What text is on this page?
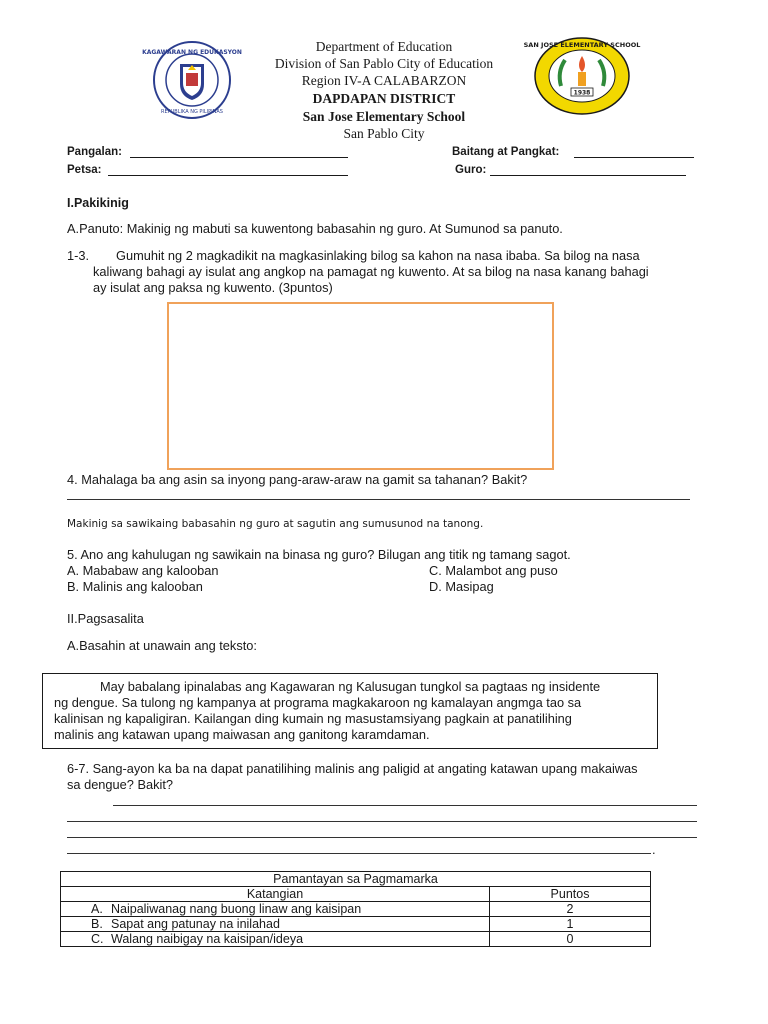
KAGAWARAN NG EDUKASYON
REPUBLIKA NG PILIPINAS
1938
SAN JOSE ELEMENTARY SCHOOL
Department of Education
Division of San Pablo City of Education
Region IV-A CALABARZON
DAPDAPAN DISTRICT
San Jose Elementary School
San Pablo City
Pangalan:	Baitang at Pangkat:
Petsa:	Guro:
I.Pakikinig
A.Panuto: Makinig ng mabuti sa kuwentong babasahin ng guro. At Sumunod sa panuto.
1-3. Gumuhit ng 2 magkadikit na magkasinlaking bilog sa kahon na nasa ibaba. Sa bilog na nasa
kaliwang bahagi ay isulat ang angkop na pamagat ng kuwento. At sa bilog na nasa kanang bahagi
ay isulat ang paksa ng kuwento. (3puntos)
4. Mahalaga ba ang asin sa inyong pang-araw-araw na gamit sa tahanan? Bakit?
Makinig sa sawikaing babasahin ng guro at sagutin ang sumusunod na tanong.
5. Ano ang kahulugan ng sawikain na binasa ng guro? Bilugan ang titik ng tamang sagot.
A. Mababaw ang kalooban	C. Malambot ang puso
B. Malinis ang kalooban	D. Masipag
II.Pagsasalita
A.Basahin at unawain ang teksto:
May babalang ipinalabas ang Kagawaran ng Kalusugan tungkol sa pagtaas ng insidente
ng dengue. Sa tulong ng kampanya at programa magkakaroon ng kamalayan angmga tao sa
kalinisan ng kapaligiran. Kailangan ding kumain ng masustamsiyang pagkain at panatilihing
malinis ang katawan upang maiwasan ang ganitong karamdaman.
6-7. Sang-ayon ka ba na dapat panatilihing malinis ang paligid at angating katawan upang makaiwas
sa dengue? Bakit?
.
Pamantayan sa Pagmamarka	
Katangian	Puntos
A. Naipaliwanag nang buong linaw ang kaisipan	2
B. Sapat ang patunay na inilahad	1
C. Walang naibigay na kaisipan/ideya	0
